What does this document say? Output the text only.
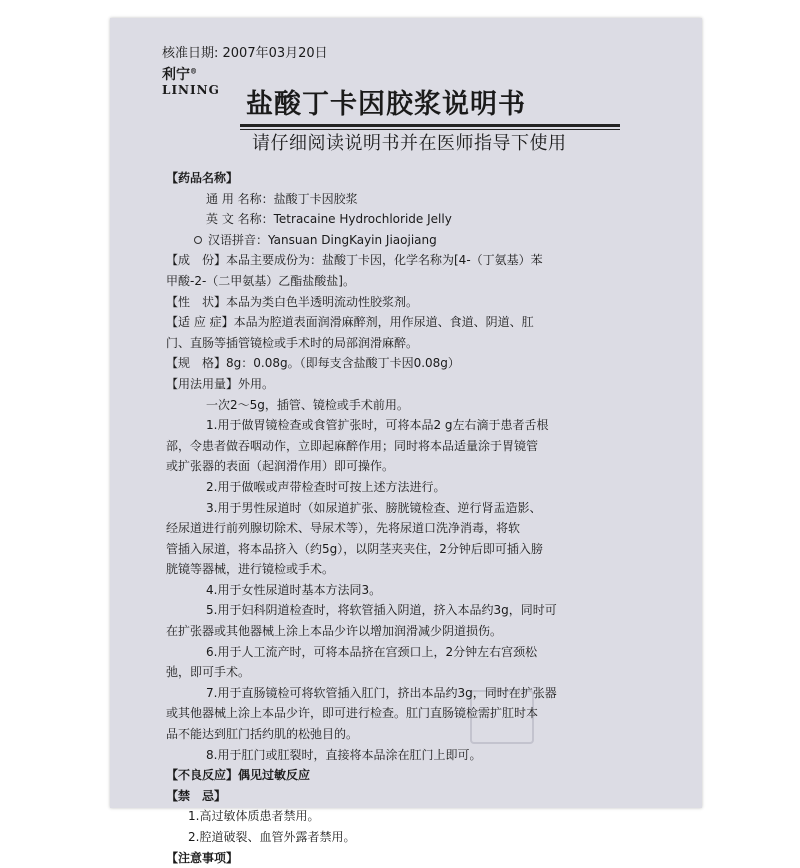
核准日期: 2007年03月20日
利宁®
LINING 盐酸丁卡因胶浆说明书
请仔细阅读说明书并在医师指导下使用
【药品名称】
通 用 名称：盐酸丁卡因胶浆
英 文 名称：Tetracaine Hydrochloride Jelly
汉语拼音：Yansuan DingKayin Jiaojiang
【成　份】本品主要成份为：盐酸丁卡因，化学名称为[4-（丁氨基）苯
甲酸-2-（二甲氨基）乙酯盐酸盐]。
【性　状】本品为类白色半透明流动性胶浆剂。
【适 应 症】本品为腔道表面润滑麻醉剂，用作尿道、食道、阴道、肛
门、直肠等插管镜检或手术时的局部润滑麻醉。
【规　格】8g：0.08g。（即每支含盐酸丁卡因0.08g）
【用法用量】外用。
一次2～5g，插管、镜检或手术前用。
1.用于做胃镜检查或食管扩张时，可将本品2 g左右滴于患者舌根
部，令患者做吞咽动作，立即起麻醉作用；同时将本品适量涂于胃镜管
或扩张器的表面（起润滑作用）即可操作。
2.用于做喉或声带检查时可按上述方法进行。
3.用于男性尿道时（如尿道扩张、膀胱镜检查、逆行肾盂造影、
经尿道进行前列腺切除术、导尿术等），先将尿道口洗净消毒，将软
管插入尿道，将本品挤入（约5g），以阴茎夹夹住，2分钟后即可插入膀
胱镜等器械，进行镜检或手术。
4.用于女性尿道时基本方法同3。
5.用于妇科阴道检查时，将软管插入阴道，挤入本品约3g，同时可
在扩张器或其他器械上涂上本品少许以增加润滑减少阴道损伤。
6.用于人工流产时，可将本品挤在宫颈口上，2分钟左右宫颈松
弛，即可手术。
7.用于直肠镜检可将软管插入肛门，挤出本品约3g，同时在扩张器
或其他器械上涂上本品少许，即可进行检查。肛门直肠镜检需扩肛时本
品不能达到肛门括约肌的松弛目的。
8.用于肛门或肛裂时，直接将本品涂在肛门上即可。
【不良反应】偶见过敏反应
【禁　忌】
1.高过敏体质患者禁用。
2.腔道破裂、血管外露者禁用。
【注意事项】
